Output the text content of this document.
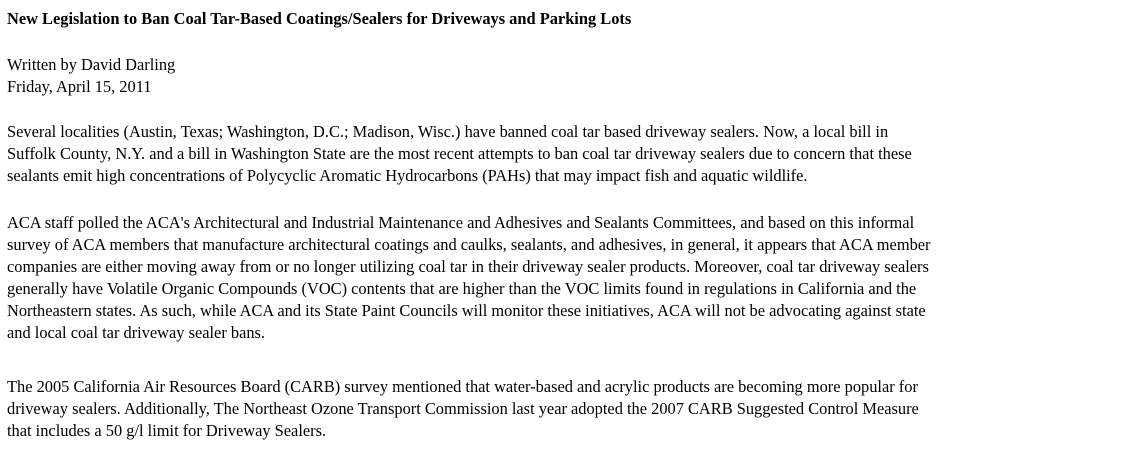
New Legislation to Ban Coal Tar-Based Coatings/Sealers for Driveways and Parking Lots
Written by David Darling
Friday, April 15, 2011
Several localities (Austin, Texas; Washington, D.C.; Madison, Wisc.) have banned coal tar based driveway sealers. Now, a local bill in
Suffolk County, N.Y. and a bill in Washington State are the most recent attempts to ban coal tar driveway sealers due to concern that these
sealants emit high concentrations of Polycyclic Aromatic Hydrocarbons (PAHs) that may impact fish and aquatic wildlife.
ACA staff polled the ACA's Architectural and Industrial Maintenance and Adhesives and Sealants Committees, and based on this informal
survey of ACA members that manufacture architectural coatings and caulks, sealants, and adhesives, in general, it appears that ACA member
companies are either moving away from or no longer utilizing coal tar in their driveway sealer products. Moreover, coal tar driveway sealers
generally have Volatile Organic Compounds (VOC) contents that are higher than the VOC limits found in regulations in California and the
Northeastern states. As such, while ACA and its State Paint Councils will monitor these initiatives, ACA will not be advocating against state
and local coal tar driveway sealer bans.
The 2005 California Air Resources Board (CARB) survey mentioned that water-based and acrylic products are becoming more popular for
driveway sealers. Additionally, The Northeast Ozone Transport Commission last year adopted the 2007 CARB Suggested Control Measure
that includes a 50 g/l limit for Driveway Sealers.
